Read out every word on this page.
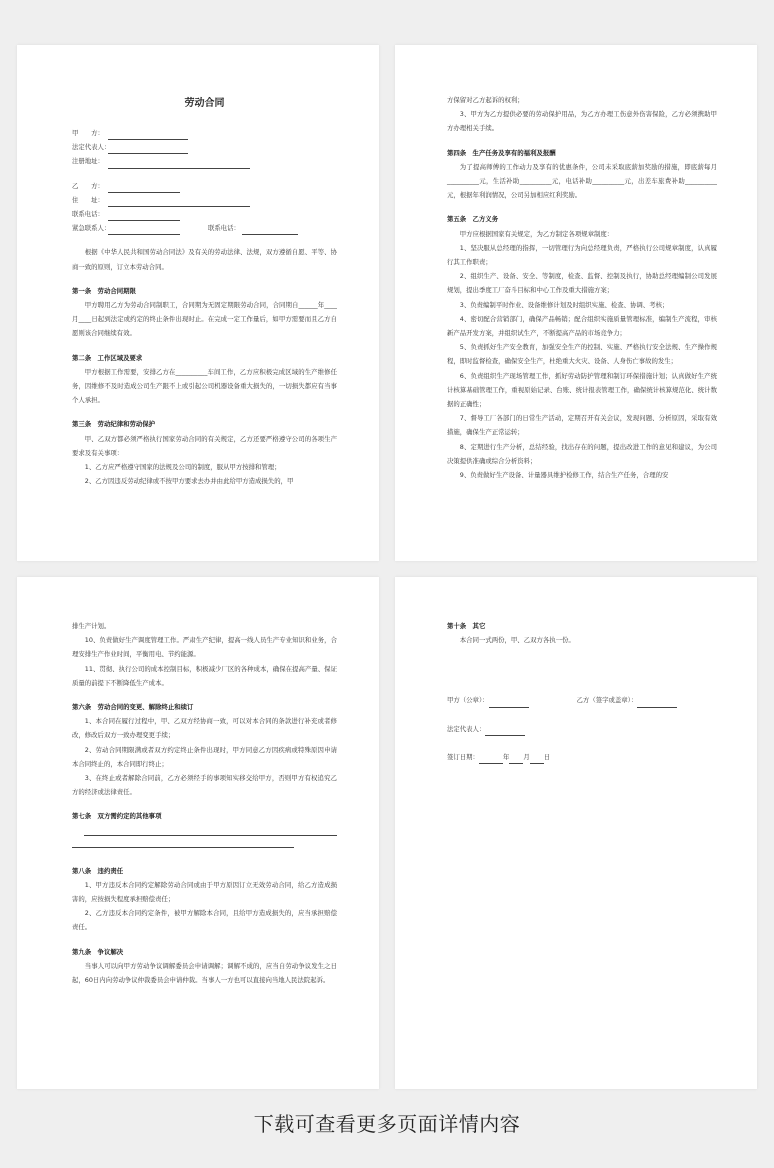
劳动合同
甲　　方：
法定代表人：
注册地址：
乙　　方：
住　　址：
联系电话：
紧急联系人：	联系电话：
根据《中华人民共和国劳动合同法》及有关的劳动法律、法规，双方遵循自愿、平等、协商一致的原则，订立本劳动合同。
第一条　劳动合同期限
甲方聘用乙方为劳动合同制职工，合同期为无固定期限劳动合同，合同期自______年____月____日起到法定或约定的终止条件出现时止。在完成一定工作量后，如甲方需要而且乙方自愿则该合同继续有效。
第二条　工作区域及要求
甲方根据工作需要，安排乙方在__________车间工作，乙方应积极完成区域的生产维修任务，因维修不及时造成公司生产跟不上或引起公司机器设备重大损失的，一切损失都应有当事个人承担。
第三条　劳动纪律和劳动保护
甲、乙双方都必须严格执行国家劳动合同的有关规定，乙方还要严格遵守公司的各项生产要求及有关事项：
1、乙方应严格遵守国家的法规及公司的制度，服从甲方按排和管理；
2、乙方因违反劳动纪律或不按甲方要求去办并由此给甲方造成损失的，甲
方保留对乙方起诉的权利；
3、甲方为乙方提供必要的劳动保护用品，为乙方办理工伤意外伤害保险，乙方必须携助甲方办理相关手续。
第四条　生产任务及享有的福利及报酬
为了提高师傅的工作动力及享有的优惠条件，公司未采取底薪加奖励的措施，即底薪每月__________元，生活补助__________元，电话补助__________元，出差车旅费补助__________元，根据年利润情况，公司另加相应红利奖励。
第五条　乙方义务
甲方应根据国家有关规定，为乙方制定各项规章制度：
1、坚决服从总经理的指挥，一切管理行为向总经理负责，严格执行公司规章制度，认真履行其工作职责；
2、组织生产、设备、安全、等制度，检查、监督、控制及执行，协助总经理编制公司发展规划，提出季度工厂奋斗目标和中心工作及重大措施方案；
3、负责编制平时作业、设备维修计划及时组织实施、检查、协调、考核；
4、密切配合营销部门，确保产品畅销；配合组织实施质量管理标准，编制生产流程，审核新产品开发方案，并组织试生产，不断提高产品的市场竞争力；
5、负责抓好生产安全教育，加强安全生产的控制、实施、严格执行安全法规、生产操作规程，即时监督检查，确保安全生产，杜绝重大火灾、设备、人身伤亡事故的发生；
6、负责组织生产现场管理工作，抓好劳动防护管理和制订环保措施计划；认真做好生产统计核算基础管理工作，重视原始记录、台账、统计报表管理工作，确保统计核算规范化、统计数据的正确性；
7、督导工厂各部门的日常生产活动，定期召开有关会议，发现问题、分析原因，采取有效措施，确保生产正常运转；
8、定期进行生产分析，总结经验，找出存在的问题，提出改进工作的意见和建议，为公司决策提供准确或综合分析资料；
9、负责做好生产设备、计量器具维护检修工作，结合生产任务，合理的安
排生产计划。
10、负责做好生产调度管理工作。严肃生产纪律，提高一线人员生产专业知识和业务，合理安排生产作业时间，平衡用电、节约能源。
11、贯彻、执行公司的成本控制目标，积极减少厂区的各种成本，确保在提高产量、保证质量的前提下不断降低生产成本。
第六条　劳动合同的变更、解除终止和续订
1、本合同在履行过程中，甲、乙双方经协商一致，可以对本合同的条款进行补充或者修改，修改后双方一致办理变更手续；
2、劳动合同期限满或者双方约定终止条件出现时，甲方同意乙方因疾病或特殊原因申请本合同终止的，本合同即行终止；
3、在终止或者解除合同前，乙方必须经手的事项知实移交给甲方，否则甲方有权追究乙方的经济或法律责任。
第七条　双方需约定的其他事项
第八条　违约责任
1、甲方违反本合同约定解除劳动合同或由于甲方原因订立无效劳动合同，给乙方造成损害的，应按损失程度承担赔偿责任；
2、乙方违反本合同约定条件，被甲方解除本合同，且给甲方造成损失的，应当承担赔偿责任。
第九条　争议解决
当事人可以向甲方劳动争议调解委员会申请调解；调解不成的，应当自劳动争议发生之日起，60日内向劳动争议仲裁委员会申请仲裁。当事人一方也可以直接向当地人民法院起诉。
第十条　其它
本合同一式两份，甲、乙双方各执一份。
甲方（公章）：	乙方（签字或盖章）：
法定代表人：
签订日期：	年 月 日
下载可查看更多页面详情内容
